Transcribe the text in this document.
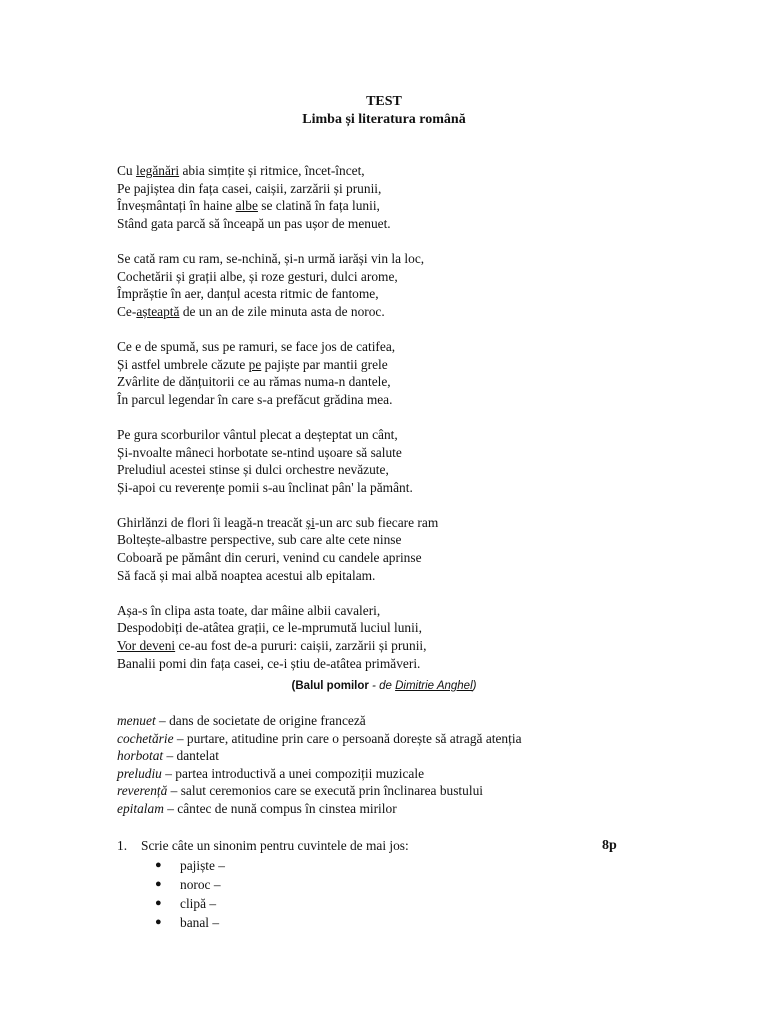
TEST
Limba și literatura română
Cu legănări abia simțite și ritmice, încet-încet,
Pe pajiștea din fața casei, caișii, zarzării și prunii,
Înveșmântați în haine albe se clatină în fața lunii,
Stând gata parcă să înceapă un pas ușor de menuet.
Se cată ram cu ram, se-nchină, și-n urmă iarăși vin la loc,
Cochetării și grații albe, și roze gesturi, dulci arome,
Împrăștie în aer, danțul acesta ritmic de fantome,
Ce-așteaptă de un an de zile minuta asta de noroc.
Ce e de spumă, sus pe ramuri, se face jos de catifea,
Și astfel umbrele căzute pe pajiște par mantii grele
Zvârlite de dănțuitorii ce au rămas numa-n dantele,
În parcul legendar în care s-a prefăcut grădina mea.
Pe gura scorburilor vântul plecat a deșteptat un cânt,
Și-nvoalte mâneci horbotate se-ntind ușoare să salute
Preludiul acestei stinse și dulci orchestre nevăzute,
Și-apoi cu reverențe pomii s-au înclinat pân' la pământ.
Ghirlănzi de flori îi leagă-n treacăt și-un arc sub fiecare ram
Boltește-albastre perspective, sub care alte cete ninse
Coboară pe pământ din ceruri, venind cu candele aprinse
Să facă și mai albă noaptea acestui alb epitalam.
Așa-s în clipa asta toate, dar mâine albii cavaleri,
Despodobiți de-atâtea grații, ce le-mprumută luciul lunii,
Vor deveni ce-au fost de-a pururi: caișii, zarzării și prunii,
Banalii pomi din fața casei, ce-i știu de-atâtea primăveri.
(Balul pomilor - de Dimitrie Anghel)
menuet – dans de societate de origine franceză
cochetărie – purtare, atitudine prin care o persoană dorește să atragă atenția
horbotat – dantelat
preludiu – partea introductivă a unei compoziții muzicale
reverență – salut ceremonios care se execută prin înclinarea bustului
epitalam – cântec de nună compus în cinstea mirilor
1. Scrie câte un sinonim pentru cuvintele de mai jos:	8p
● pajiște –
● noroc –
● clipă –
● banal –
